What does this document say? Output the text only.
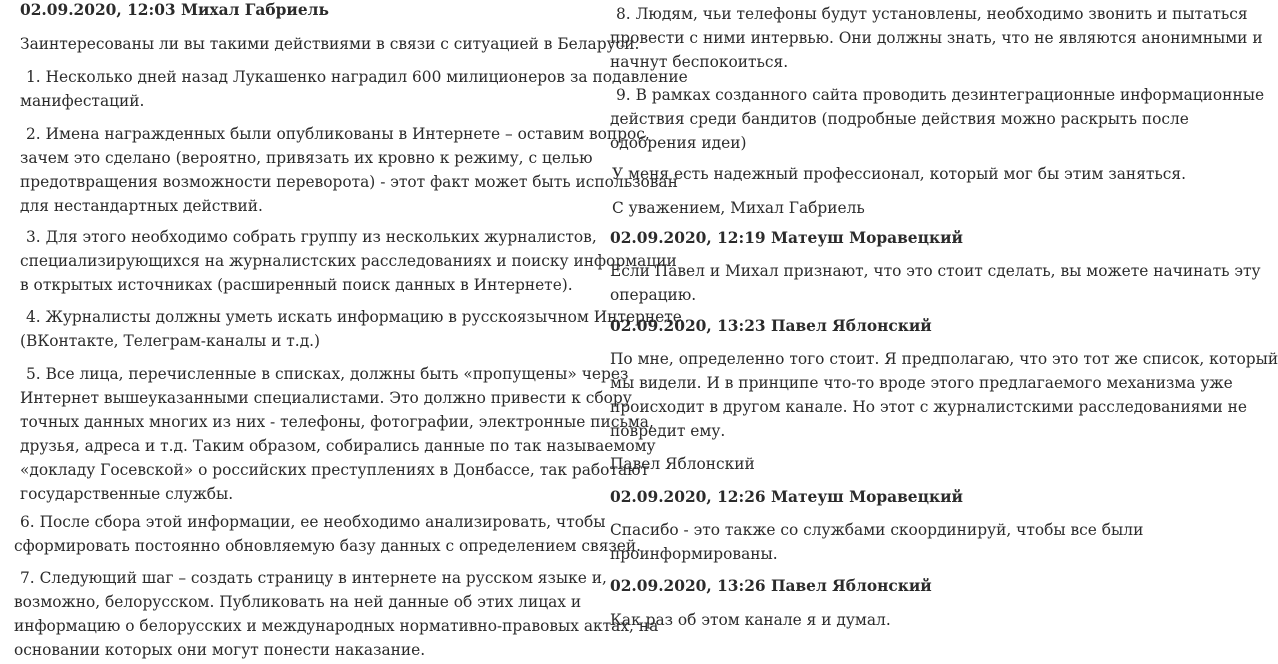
02.09.2020, 12:03 Михал Габриель

Заинтересованы ли вы такими действиями в связи с ситуацией в Беларуси.

1. Несколько дней назад Лукашенко наградил 600 милиционеров за подавление
манифестаций.

2. Имена награжденных были опубликованы в Интернете – оставим вопрос,
зачем это сделано (вероятно, привязать их кровно к режиму, с целью
предотвращения возможности переворота) - этот факт может быть использован
для нестандартных действий.

3. Для этого необходимо собрать группу из нескольких журналистов,
специализирующихся на журналистских расследованиях и поиску информации
в открытых источниках (расширенный поиск данных в Интернете).

4. Журналисты должны уметь искать информацию в русскоязычном Интернете
(ВКонтакте, Телеграм-каналы и т.д.)

5. Все лица, перечисленные в списках, должны быть «пропущены» через
Интернет вышеуказанными специалистами. Это должно привести к сбору
точных данных многих из них - телефоны, фотографии, электронные письма,
друзья, адреса и т.д. Таким образом, собирались данные по так называемому
«докладу Госевской» о российских преступлениях в Донбассе, так работают
государственные службы.

6. После сбора этой информации, ее необходимо анализировать, чтобы
сформировать постоянно обновляемую базу данных с определением связей.

7. Следующий шаг – создать страницу в интернете на русском языке и,
возможно, белорусском. Публиковать на ней данные об этих лицах и
информацию о белорусских и международных нормативно-правовых актах, на
основании которых они могут понести наказание.

8. Людям, чьи телефоны будут установлены, необходимо звонить и пытаться
провести с ними интервью. Они должны знать, что не являются анонимными и
начнут беспокоиться.

9. В рамках созданного сайта проводить дезинтеграционные информационные
действия среди бандитов (подробные действия можно раскрыть после
одобрения идеи)

У меня есть надежный профессионал, который мог бы этим заняться.

С уважением, Михал Габриель

02.09.2020, 12:19 Матеуш Моравецкий

Если Павел и Михал признают, что это стоит сделать, вы можете начинать эту
операцию.

02.09.2020, 13:23 Павел Яблонский

По мне, определенно того стоит. Я предполагаю, что это тот же список, который
мы видели. И в принципе что-то вроде этого предлагаемого механизма уже
происходит в другом канале. Но этот с журналистскими расследованиями не
повредит ему.

Павел Яблонский

02.09.2020, 12:26 Матеуш Моравецкий

Спасибо - это также со службами скоординируй, чтобы все были
проинформированы.

02.09.2020, 13:26 Павел Яблонский

Как раз об этом канале я и думал.
